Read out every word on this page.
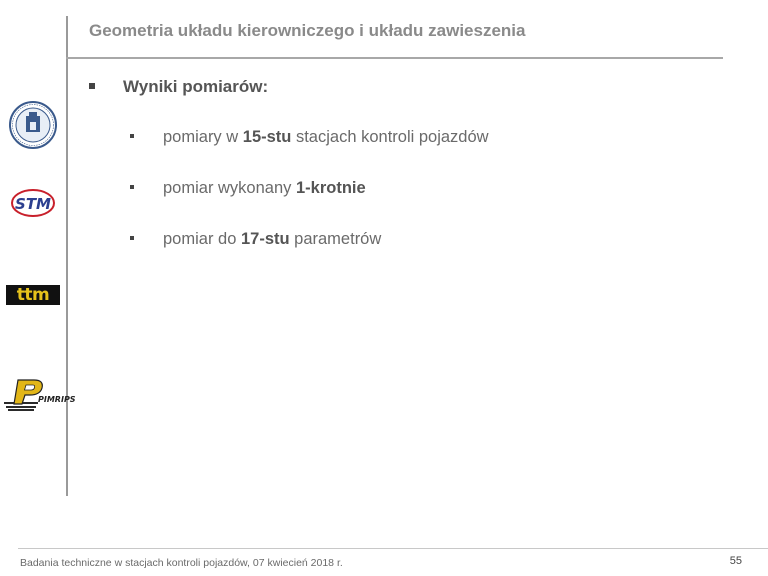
Geometria układu kierowniczego i układu zawieszenia
Wyniki pomiarów:
pomiary w 15-stu stacjach kontroli pojazdów
pomiar wykonany 1-krotnie
pomiar do 17-stu parametrów
STM
ttm
PIMRIPS
Badania techniczne w stacjach kontroli pojazdów, 07 kwiecień 2018 r.	55
